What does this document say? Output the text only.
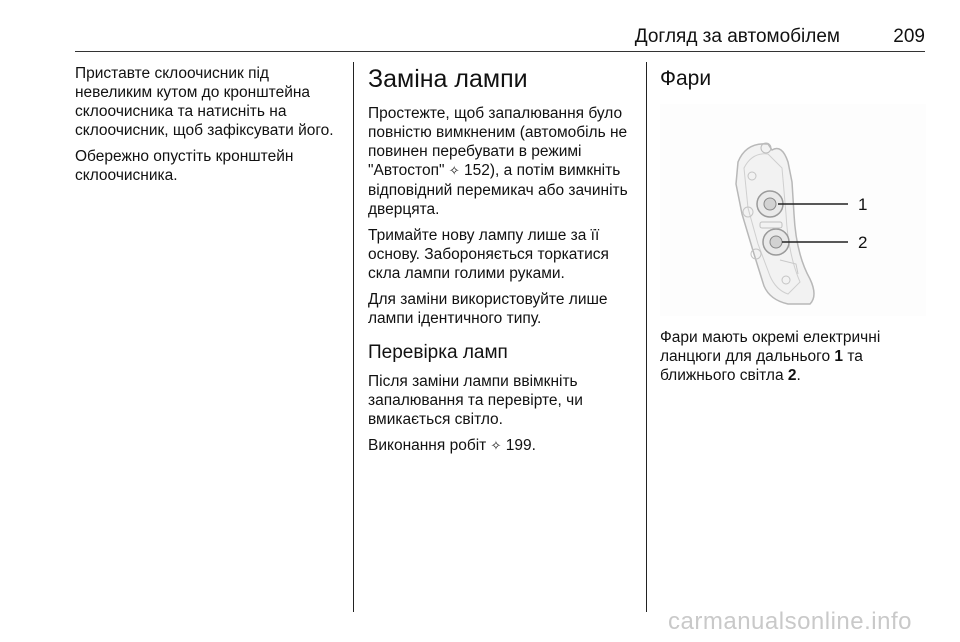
Догляд за автомобілем	209

Приставте склоочисник під невеликим кутом до кронштейна склоочисника та натисніть на склоочисник, щоб зафіксувати його.

Обережно опустіть кронштейн склоочисника.

Заміна лампи

Простежте, щоб запалювання було повністю вимкненим (автомобіль не повинен перебувати в режимі "Автостоп" ✧ 152), а потім вимкніть відповідний перемикач або зачиніть дверцята.

Тримайте нову лампу лише за її основу. Забороняється торкатися скла лампи голими руками.

Для заміни використовуйте лише лампи ідентичного типу.

Перевірка ламп

Після заміни лампи ввімкніть запалювання та перевірте, чи вмикається світло.

Виконання робіт ✧ 199.

Фари
1
2

Фари мають окремі електричні ланцюги для дальнього 1 та ближнього світла 2.

carmanualsonline.info
